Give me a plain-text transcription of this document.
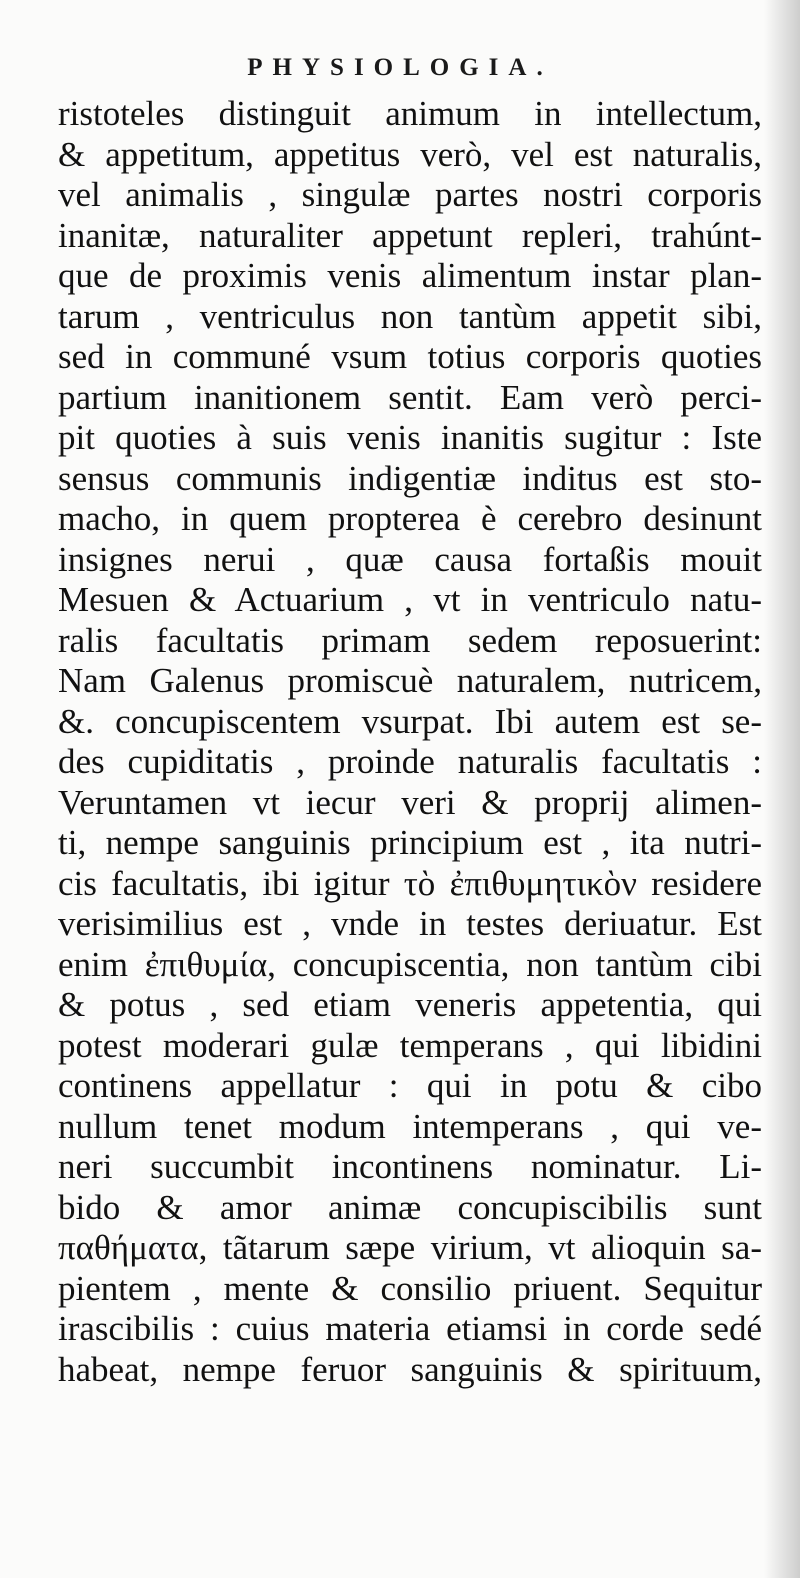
PHYSIOLOGIA.
ristoteles distinguit animum in intellectum,
& appetitum, appetitus verò, vel est naturalis,
vel animalis , singulæ partes nostri corporis
inanitæ, naturaliter appetunt repleri, trahúnt-
que de proximis venis alimentum instar plan-
tarum , ventriculus non tantùm appetit sibi,
sed in communé vsum totius corporis quoties
partium inanitionem sentit. Eam verò perci-
pit quoties à suis venis inanitis sugitur : Iste
sensus communis indigentiæ inditus est sto-
macho, in quem propterea è cerebro desinunt
insignes nerui , quæ causa fortaßis mouit
Mesuen & Actuarium , vt in ventriculo natu-
ralis facultatis primam sedem reposuerint:
Nam Galenus promiscuè naturalem, nutricem,
&. concupiscentem vsurpat. Ibi autem est se-
des cupiditatis , proinde naturalis facultatis :
Veruntamen vt iecur veri & proprij alimen-
ti, nempe sanguinis principium est , ita nutri-
cis facultatis, ibi igitur τὸ ἐπιθυμητικὸν residere
verisimilius est , vnde in testes deriuatur. Est
enim ἐπιθυμία, concupiscentia, non tantùm cibi
& potus , sed etiam veneris appetentia, qui
potest moderari gulæ temperans , qui libidini
continens appellatur : qui in potu & cibo
nullum tenet modum intemperans , qui ve-
neri succumbit incontinens nominatur. Li-
bido & amor animæ concupiscibilis sunt
παθήματα, tãtarum sæpe virium, vt alioquin sa-
pientem , mente & consilio priuent. Sequitur
irascibilis : cuius materia etiamsi in corde sedé
habeat, nempe feruor sanguinis & spirituum,
